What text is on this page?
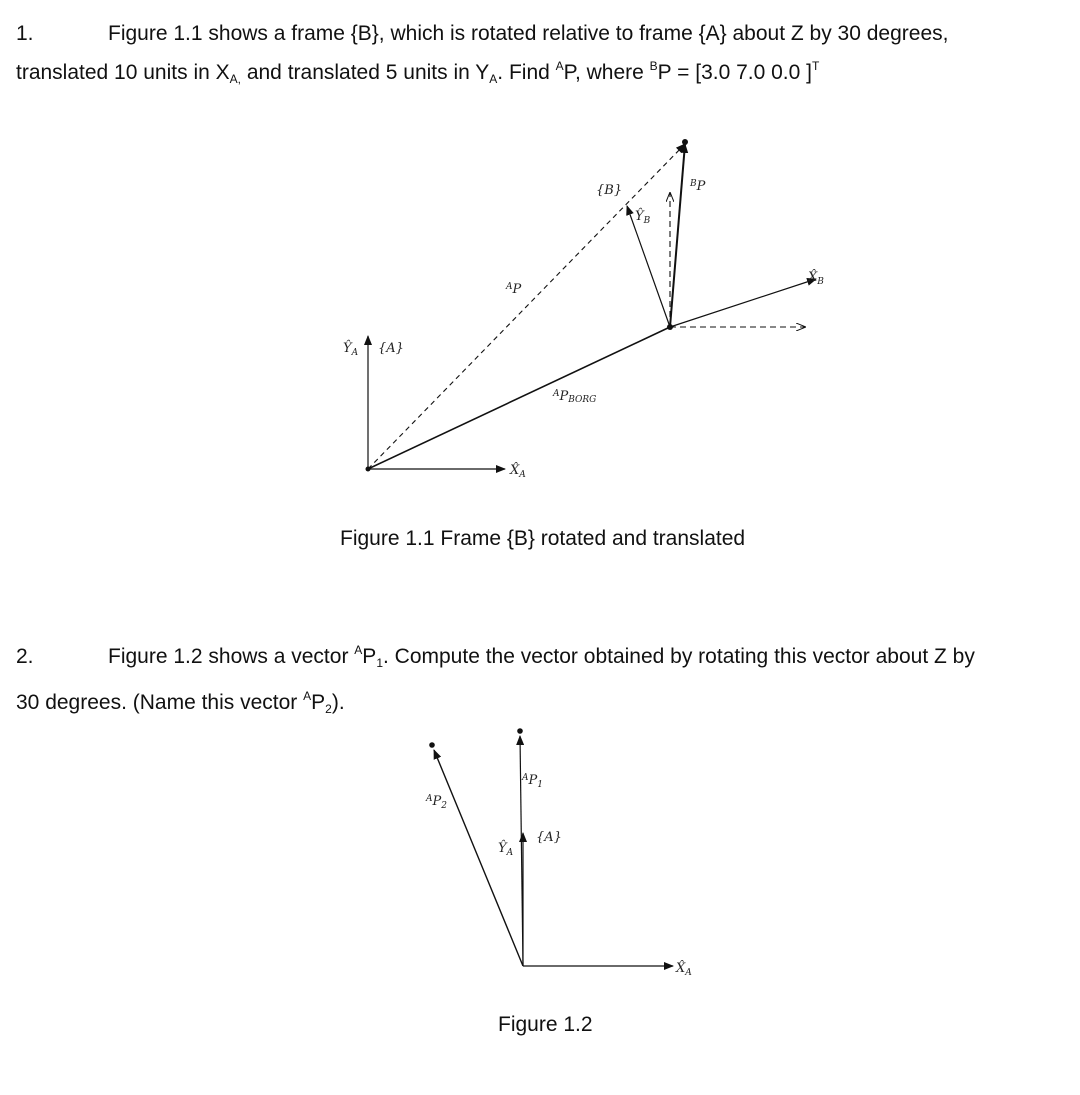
1.	Figure 1.1 shows a frame {B}, which is rotated relative to frame {A} about Z by 30 degrees,
translated 10 units in $X_{A,}$ and translated 5 units in $Y_A$. Find $^A$P, where $^B$P = [3.0 7.0 0.0 ]$^T$
{B}	$^B$P
$Ŷ_B$
$X̂_B$
$^A$P
$Ŷ_A$ {A}
$^A$PBORG
$X̂_A$
$^AP_1$
$^AP_2$
$Ŷ_A$
{A}
$X̂_A$
Figure 1.1 Frame {B} rotated and translated
2.	Figure 1.2 shows a vector $^AP_1$. Compute the vector obtained by rotating this vector about Z by
30 degrees. (Name this vector $^AP_2$).
Figure 1.2
